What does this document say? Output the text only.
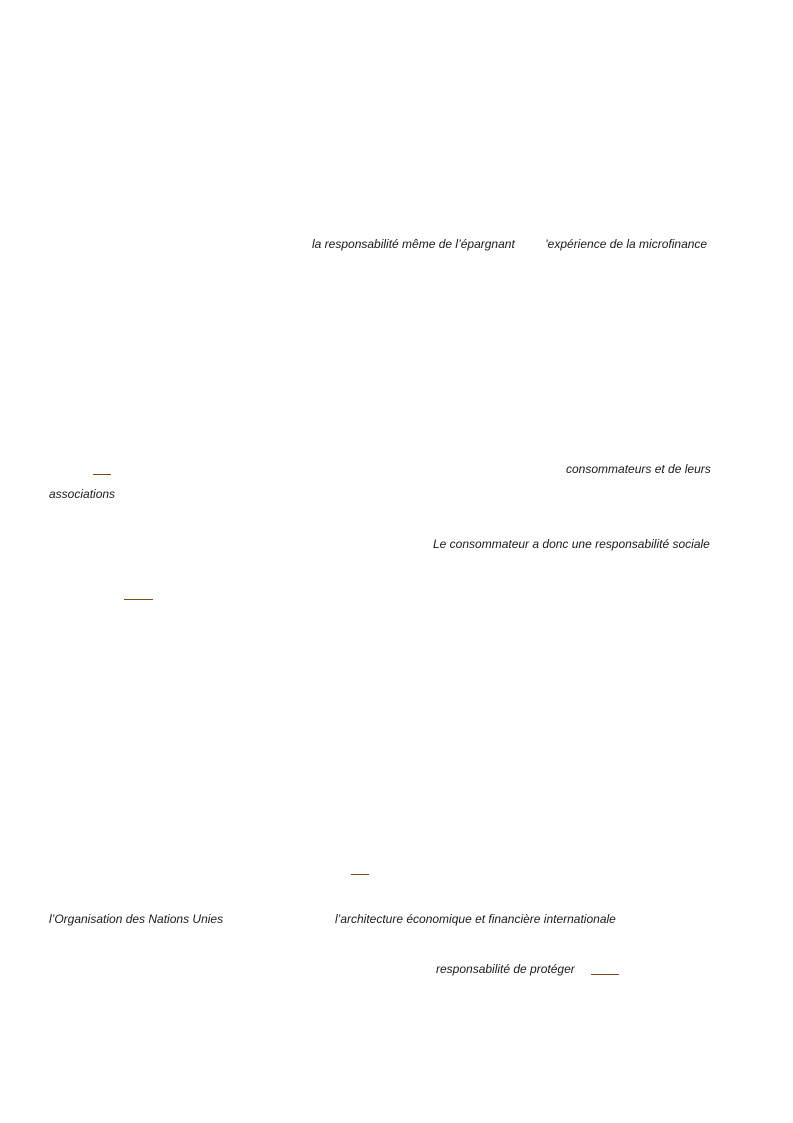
la responsabilité même de l’épargnant	’expérience de la microfinance
consommateurs et de leurs
associations
Le consommateur a donc une responsabilité sociale
l’Organisation des Nations Unies	l’architecture économique et financière internationale
responsabilité de protéger
